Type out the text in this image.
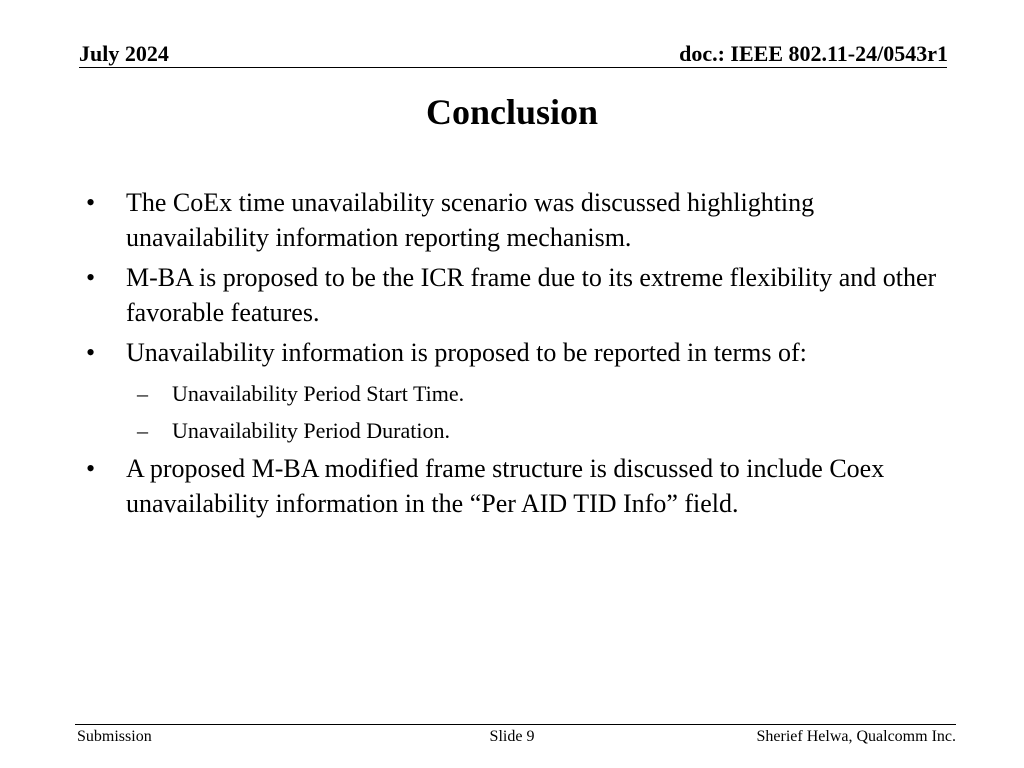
July 2024	doc.: IEEE 802.11-24/0543r1
Conclusion
• The CoEx time unavailability scenario was discussed highlighting unavailability information reporting mechanism.
• M-BA is proposed to be the ICR frame due to its extreme flexibility and other favorable features.
• Unavailability information is proposed to be reported in terms of:
– Unavailability Period Start Time.
– Unavailability Period Duration.
• A proposed M-BA modified frame structure is discussed to include Coex unavailability information in the “Per AID TID Info” field.
Submission	Slide 9	Sherief Helwa, Qualcomm Inc.
